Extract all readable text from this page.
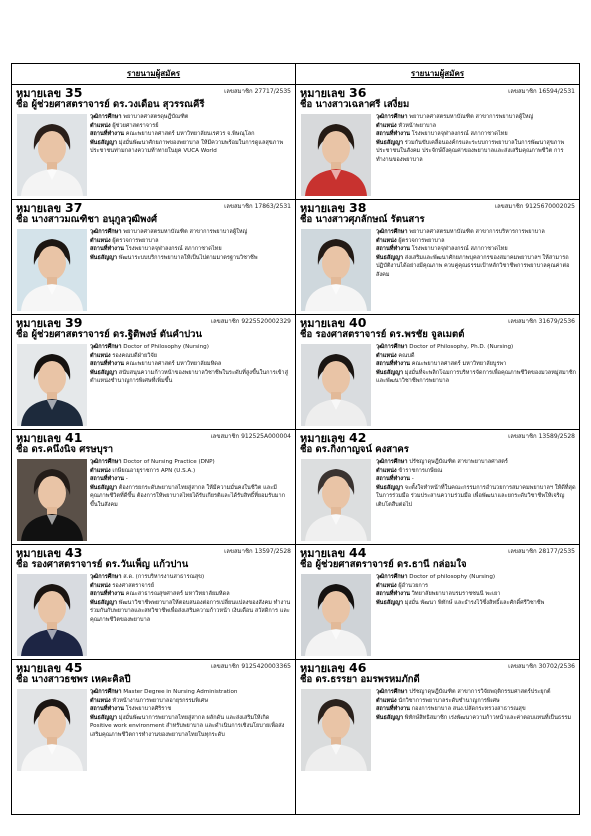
รายนามผู้สมัคร	รายนามผู้สมัคร
หมายเลข 35	เลขสมาชิก 27717/2535
ชื่อ ผู้ช่วยศาสตราจารย์ ดร.วงเดือน สุวรรณคีรี

วุฒิการศึกษา พยาบาลศาสตรดุษฎีบัณฑิต

ตำแหน่ง ผู้ช่วยศาสตราจารย์

สถานที่ทำงาน คณะพยาบาลศาสตร์ มหาวิทยาลัยนเรศวร จ.พิษณุโลก

พันธสัญญา มุ่งมั่นพัฒนาศักยภาพของพยาบาล ให้มีความพร้อมในการดูแลสุขภาพประชาชนท่ามกลางความท้าทายในยุค VUCA World

หมายเลข 36	เลขสมาชิก 16594/2531
ชื่อ นางสาวเฉลาศรี เสงี่ยม

วุฒิการศึกษา พยาบาลศาสตรมหาบัณฑิต สาขาการพยาบาลผู้ใหญ่

ตำแหน่ง หัวหน้าพยาบาล

สถานที่ทำงาน โรงพยาบาลจุฬาลงกรณ์ สภากาชาดไทย

พันธสัญญา ร่วมกันขับเคลื่อนองค์กรและระบบการพยาบาลในการพัฒนาสุขภาพประชาชนในสังคม ประจักษ์ถึงคุณค่าของพยาบาลและส่งเสริมคุณภาพชีวิต การทำงานของพยาบาล

หมายเลข 37	เลขสมาชิก 17863/2531
ชื่อ นางสาวมณฑิชา อนุกูลวุฒิพงศ์

วุฒิการศึกษา พยาบาลศาสตรมหาบัณฑิต สาขาการพยาบาลผู้ใหญ่

ตำแหน่ง ผู้ตรวจการพยาบาล

สถานที่ทำงาน โรงพยาบาลจุฬาลงกรณ์ สภากาชาดไทย

พันธสัญญา พัฒนาระบบบริการพยาบาลให้เป็นไปตามมาตรฐานวิชาชีพ

หมายเลข 38	เลขสมาชิก 9125670002025
ชื่อ นางสาวศุภลักษณ์ รัตนสาร

วุฒิการศึกษา พยาบาลศาสตรมหาบัณฑิต สาขาการบริหารการพยาบาล

ตำแหน่ง ผู้ตรวจการพยาบาล

สถานที่ทำงาน โรงพยาบาลจุฬาลงกรณ์ สภากาชาดไทย

พันธสัญญา ส่งเสริมและพัฒนาศักยภาพบุคลากรของสมาคมพยาบาลฯ ให้สามารถปฏิบัติงานได้อย่างมีคุณภาพ ควบคู่คุณธรรมเป้าหลักวิชาชีพการพยาบาลคุณค่าต่อสังคม

หมายเลข 39	เลขสมาชิก 9225520002329
ชื่อ ผู้ช่วยศาสตราจารย์ ดร.ฐิติพงษ์ ตันคำปวน

วุฒิการศึกษา Doctor of Philosophy (Nursing)

ตำแหน่ง รองคณบดีฝ่ายวิจัย

สถานที่ทำงาน คณะพยาบาลศาสตร์ มหาวิทยาลัยมหิดล

พันธสัญญา สนับสนุนความก้าวหน้าของพยาบาลวิชาชีพในระดับที่สูงขึ้นในการเข้าสู่ตำแหน่งชำนาญการพิเศษที่เพิ่มขึ้น

หมายเลข 40	เลขสมาชิก 31679/2536
ชื่อ รองศาสตราจารย์ ดร.พรชัย จูลเมตต์

วุฒิการศึกษา Doctor of Philosophy, Ph.D. (Nursing)

ตำแหน่ง คณบดี

สถานที่ทำงาน คณะพยาบาลศาสตร์ มหาวิทยาลัยบูรพา

พันธสัญญา มุ่งมั่นที่จะพลิกโฉมการบริหารจัดการเพื่อคุณภาพชีวิตของมวลหมู่สมาชิก และพัฒนาวิชาชีพการพยาบาล

หมายเลข 41	เลขสมาชิก 912525A000004
ชื่อ ดร.คนึงนิจ ศรษบุรา

วุฒิการศึกษา Doctor of Nursing Practice (DNP)

ตำแหน่ง เกษียณอายุราชการ APN (U.S.A.)

สถานที่ทำงาน -

พันธสัญญา ต้องการยกระดับพยาบาลไทยสู่สากล ให้มีความมั่นคงในชีวิต และมีคุณภาพชีวิตที่ดีขึ้น ต้องการให้พยาบาลไทยได้รับเกียรติและได้รับสิทธิ์ที่ยอมรับมากขึ้นในสังคม

หมายเลข 42	เลขสมาชิก 13589/2528
ชื่อ ดร.กิ่งกาญจน์ คงสาคร

วุฒิการศึกษา ปรัชญาดุษฎีบัณฑิต สาขาพยาบาลศาสตร์

ตำแหน่ง ข้าราชการเกษียณ

สถานที่ทำงาน -

พันธสัญญา จะตั้งใจทำหน้าที่ในคณะกรรมการอำนวยการสมาคมพยาบาลฯ ให้ดีที่สุดในการร่วมมือ ร่วมประสานความร่วมมือ เพื่อพัฒนาและยกระดับวิชาชีพให้เจริญเติบโตสืบต่อไป

หมายเลข 43	เลขสมาชิก 13597/2528
ชื่อ รองศาสตราจารย์ ดร.วันเพ็ญ แก้วปาน

วุฒิการศึกษา ส.ด. (การบริหารงานสาธารณสุข)

ตำแหน่ง รองศาสตราจารย์

สถานที่ทำงาน คณะสาธารณสุขศาสตร์ มหาวิทยาลัยมหิดล

พันธสัญญา พัฒนาวิชาชีพพยาบาลให้ตอบสนองต่อการเปลี่ยนแปลงของสังคม ทำงานร่วมกันกับพยาบาลและสหวิชาชีพเพื่อส่งเสริมความก้าวหน้า เงินเดือน สวัสดิการ และคุณภาพชีวิตของพยาบาล

หมายเลข 44	เลขสมาชิก 28177/2535
ชื่อ ผู้ช่วยศาสตราจารย์ ดร.ธานี กล่อมใจ

วุฒิการศึกษา Doctor of philosophy (Nursing)

ตำแหน่ง ผู้อำนวยการ

สถานที่ทำงาน วิทยาลัยพยาบาลบรมราชชนนี พะเยา

พันธสัญญา มุ่งมั่น พัฒนา พิทักษ์ และธำรงไว้ซึ่งสิทธิ์และศักดิ์ศรีวิชาชีพ

หมายเลข 45	เลขสมาชิก 9125420003365
ชื่อ นางสาวธชพร เหคะคิลปี

วุฒิการศึกษา Master Degree in Nursing Administration

ตำแหน่ง หัวหน้างานการพยาบาลอายุรกรรมพิเศษ

สถานที่ทำงาน โรงพยาบาลศิริราช

พันธสัญญา มุ่งมั่นพัฒนาการพยาบาลไทยสู่สากล ผลักดัน และส่งเสริมให้เกิด Positive work environment สำหรับพยาบาล และดำเนินการเชิงนโยบายเพื่อส่งเสริมคุณภาพชีวิตการทำงานของพยาบาลไทยในทุกระดับ

หมายเลข 46	เลขสมาชิก 30702/2536
ชื่อ ดร.ธรรยา อมรพรหมภักดี

วุฒิการศึกษา ปรัชญาดุษฎีบัณฑิต สาขาการวิจัยพฤติกรรมศาสตร์ประยุกต์

ตำแหน่ง นักวิชาการพยาบาลระดับชำนาญการพิเศษ

สถานที่ทำงาน กองการพยาบาล สนง.ปลัดกระทรวงสาธารณสุข

พันธสัญญา พิทักษ์สิทธิสมาชิก เร่งพัฒนาความก้าวหน้าและค่าตอบแทนที่เป็นธรรม
